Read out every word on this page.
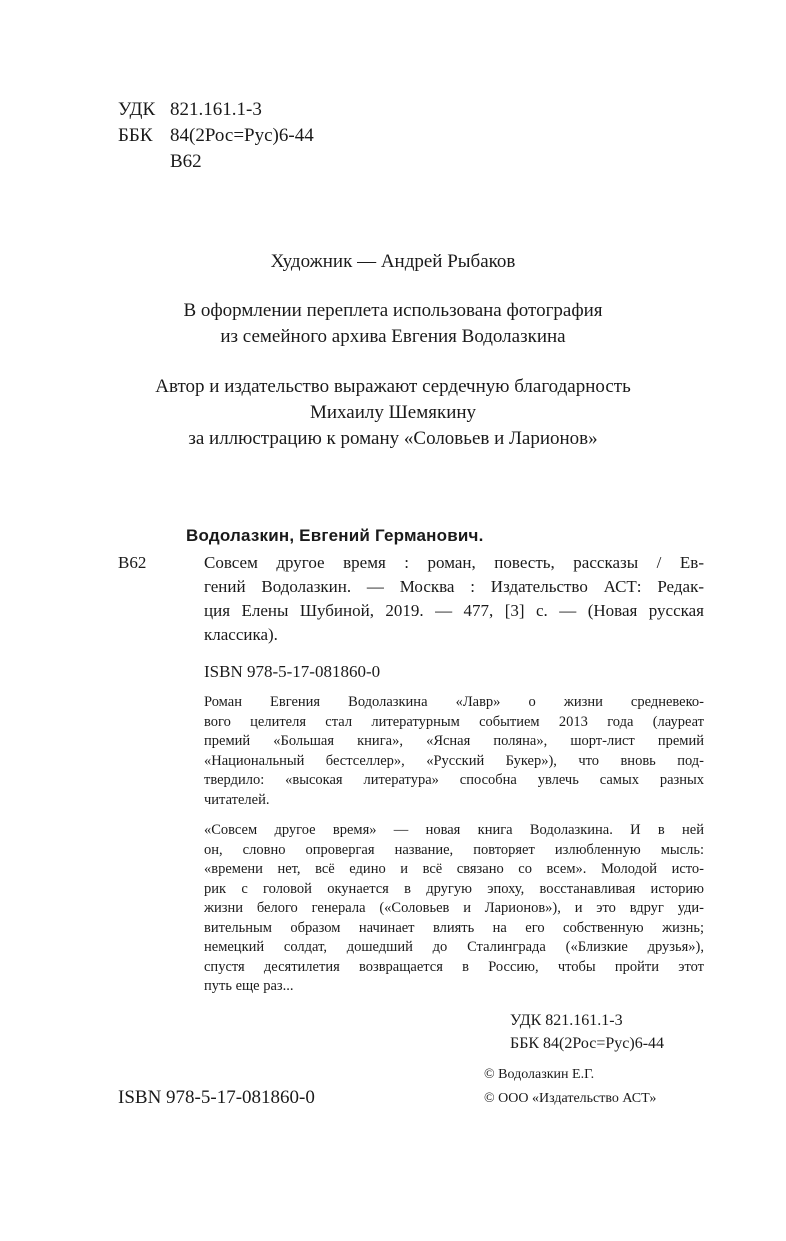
УДК 821.161.1-3
ББК 84(2Рос=Рус)6-44
В62
Художник — Андрей Рыбаков
В оформлении переплета использована фотография
из семейного архива Евгения Водолазкина
Автор и издательство выражают сердечную благодарность
Михаилу Шемякину
за иллюстрацию к роману «Соловьев и Ларионов»
Водолазкин, Евгений Германович.
В62	Совсем другое время : роман, повесть, рассказы / Ев-
гений Водолазкин. — Москва : Издательство АСТ: Редак-
ция Елены Шубиной, 2019. — 477, [3] с. — (Новая русская
классика).
ISBN 978-5-17-081860-0
Роман Евгения Водолазкина «Лавр» о жизни средневеко-
вого целителя стал литературным событием 2013 года (лауреат
премий «Большая книга», «Ясная поляна», шорт-лист премий
«Национальный бестселлер», «Русский Букер»), что вновь под-
твердило: «высокая литература» способна увлечь самых разных
читателей.
«Совсем другое время» — новая книга Водолазкина. И в ней
он, словно опровергая название, повторяет излюбленную мысль:
«времени нет, всё едино и всё связано со всем». Молодой исто-
рик с головой окунается в другую эпоху, восстанавливая историю
жизни белого генерала («Соловьев и Ларионов»), и это вдруг уди-
вительным образом начинает влиять на его собственную жизнь;
немецкий солдат, дошедший до Сталинграда («Близкие друзья»),
спустя десятилетия возвращается в Россию, чтобы пройти этот
путь еще раз...
УДК 821.161.1-3
ББК 84(2Рос=Рус)6-44
© Водолазкин Е.Г.
© ООО «Издательство АСТ»
ISBN 978-5-17-081860-0
